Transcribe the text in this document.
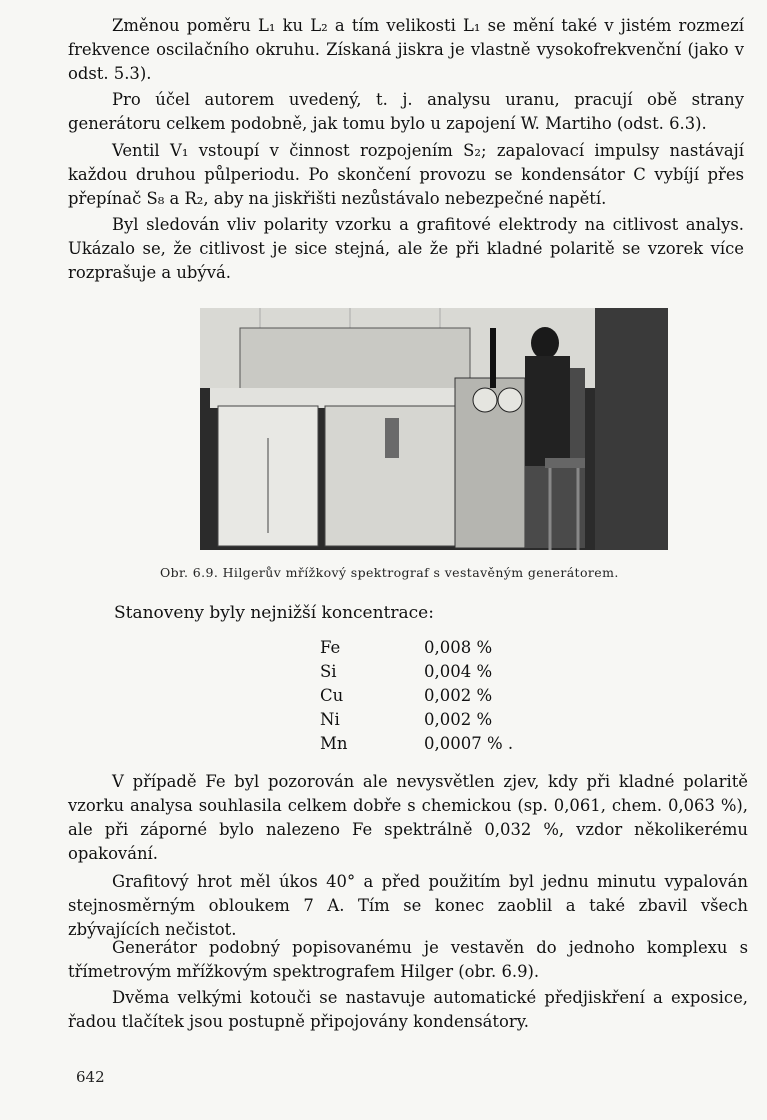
Změnou poměru L₁ ku L₂ a tím velikosti L₁ se mění také v jistém rozmezí frekvence oscilačního okruhu. Získaná jiskra je vlastně vysokofrekvenční (jako v odst. 5.3).

Pro účel autorem uvedený, t. j. analysu uranu, pracují obě strany generátoru celkem podobně, jak tomu bylo u zapojení W. Martiho (odst. 6.3).

Ventil V₁ vstoupí v činnost rozpojením S₂; zapalovací impulsy nastávají každou druhou půlperiodu. Po skončení provozu se kondensátor C vybíjí přes přepínač S₈ a R₂, aby na jiskřišti nezůstávalo nebezpečné napětí.

Byl sledován vliv polarity vzorku a grafitové elektrody na citlivost analys. Ukázalo se, že citlivost je sice stejná, ale že při kladné polaritě se vzorek více rozprašuje a ubývá.

Obr. 6.9. Hilgerův mřížkový spektrograf s vestavěným generátorem.
Stanoveny byly nejnižší koncentrace:
Fe	0,008 %
Si	0,004 %
Cu	0,002 %
Ni	0,002 %
Mn	0,0007 % .

V případě Fe byl pozorován ale nevysvětlen zjev, kdy při kladné polaritě vzorku analysa souhlasila celkem dobře s chemickou (sp. 0,061, chem. 0,063 %), ale při záporné bylo nalezeno Fe spektrálně 0,032 %, vzdor několikerému opakování.

Grafitový hrot měl úkos 40° a před použitím byl jednu minutu vypalován stejnosměrným obloukem 7 A. Tím se konec zaoblil a také zbavil všech zbývajících nečistot.

Generátor podobný popisovanému je vestavěn do jednoho komplexu s třímetrovým mřížkovým spektrografem Hilger (obr. 6.9).

Dvěma velkými kotouči se nastavuje automatické předjiskření a exposice, řadou tlačítek jsou postupně připojovány kondensátory.

642
